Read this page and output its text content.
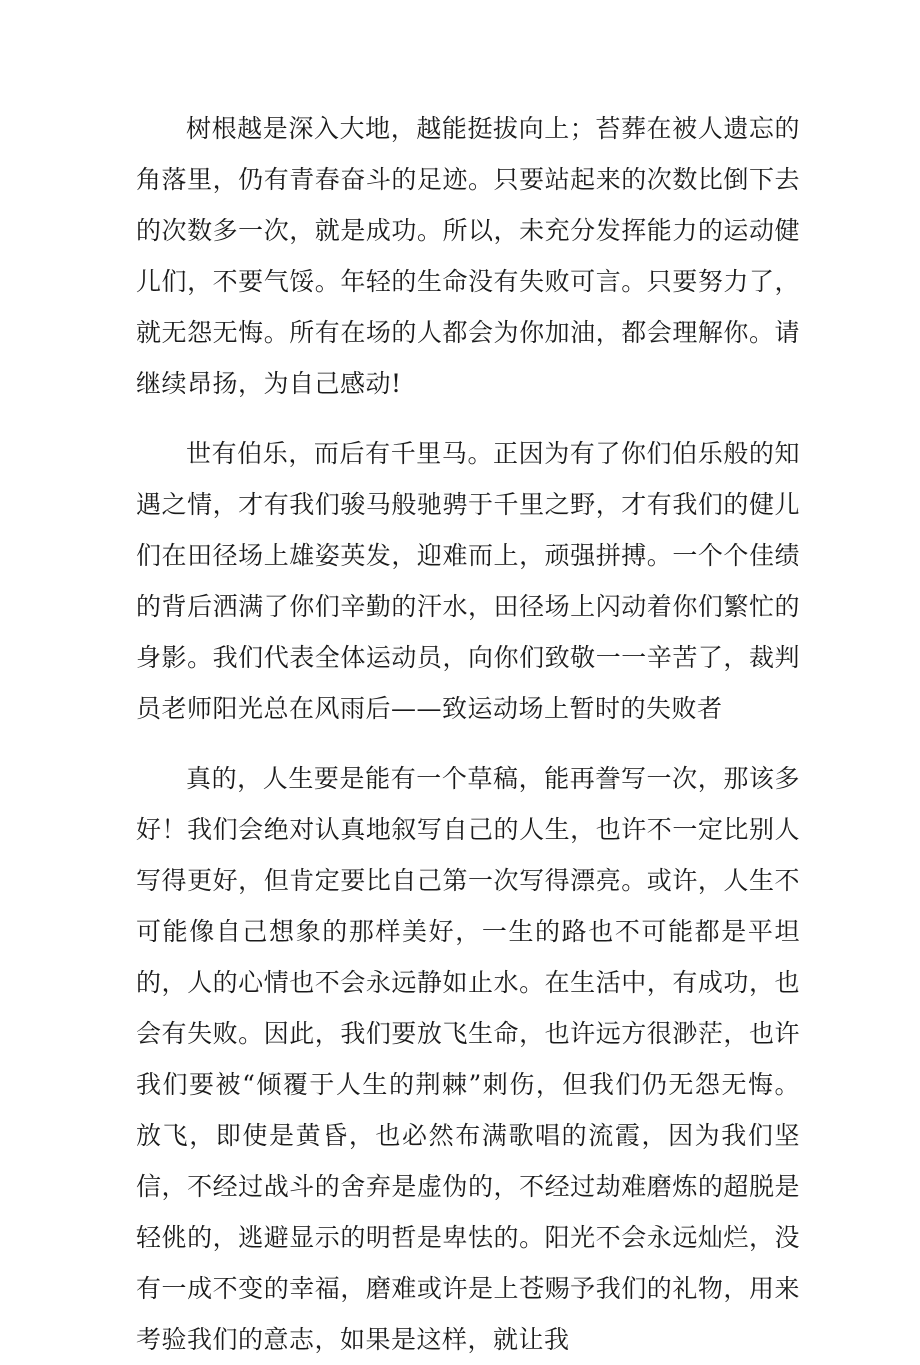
树根越是深入大地，越能挺拔向上；苔葬在被人遗忘的角落里，仍有青春奋斗的足迹。只要站起来的次数比倒下去的次数多一次，就是成功。所以，未充分发挥能力的运动健儿们，不要气馁。年轻的生命没有失败可言。只要努力了，就无怨无悔。所有在场的人都会为你加油，都会理解你。请继续昂扬，为自己感动!

世有伯乐，而后有千里马。正因为有了你们伯乐般的知遇之情，才有我们骏马般驰骋于千里之野，才有我们的健儿们在田径场上雄姿英发，迎难而上，顽强拼搏。一个个佳绩的背后洒满了你们辛勤的汗水，田径场上闪动着你们繁忙的身影。我们代表全体运动员，向你们致敬一一辛苦了，裁判员老师阳光总在风雨后——致运动场上暂时的失败者

真的，人生要是能有一个草稿，能再誊写一次，那该多好！我们会绝对认真地叙写自己的人生，也许不一定比别人写得更好，但肯定要比自己第一次写得漂亮。或许，人生不可能像自己想象的那样美好，一生的路也不可能都是平坦的，人的心情也不会永远静如止水。在生活中，有成功，也会有失败。因此，我们要放飞生命，也许远方很渺茫，也许我们要被“倾覆于人生的荆棘”刺伤，但我们仍无怨无悔。放飞，即使是黄昏，也必然布满歌唱的流霞，因为我们坚信，不经过战斗的舍弃是虚伪的，不经过劫难磨炼的超脱是轻佻的，逃避显示的明哲是卑怯的。阳光不会永远灿烂，没有一成不变的幸福，磨难或许是上苍赐予我们的礼物，用来考验我们的意志，如果是这样，就让我
